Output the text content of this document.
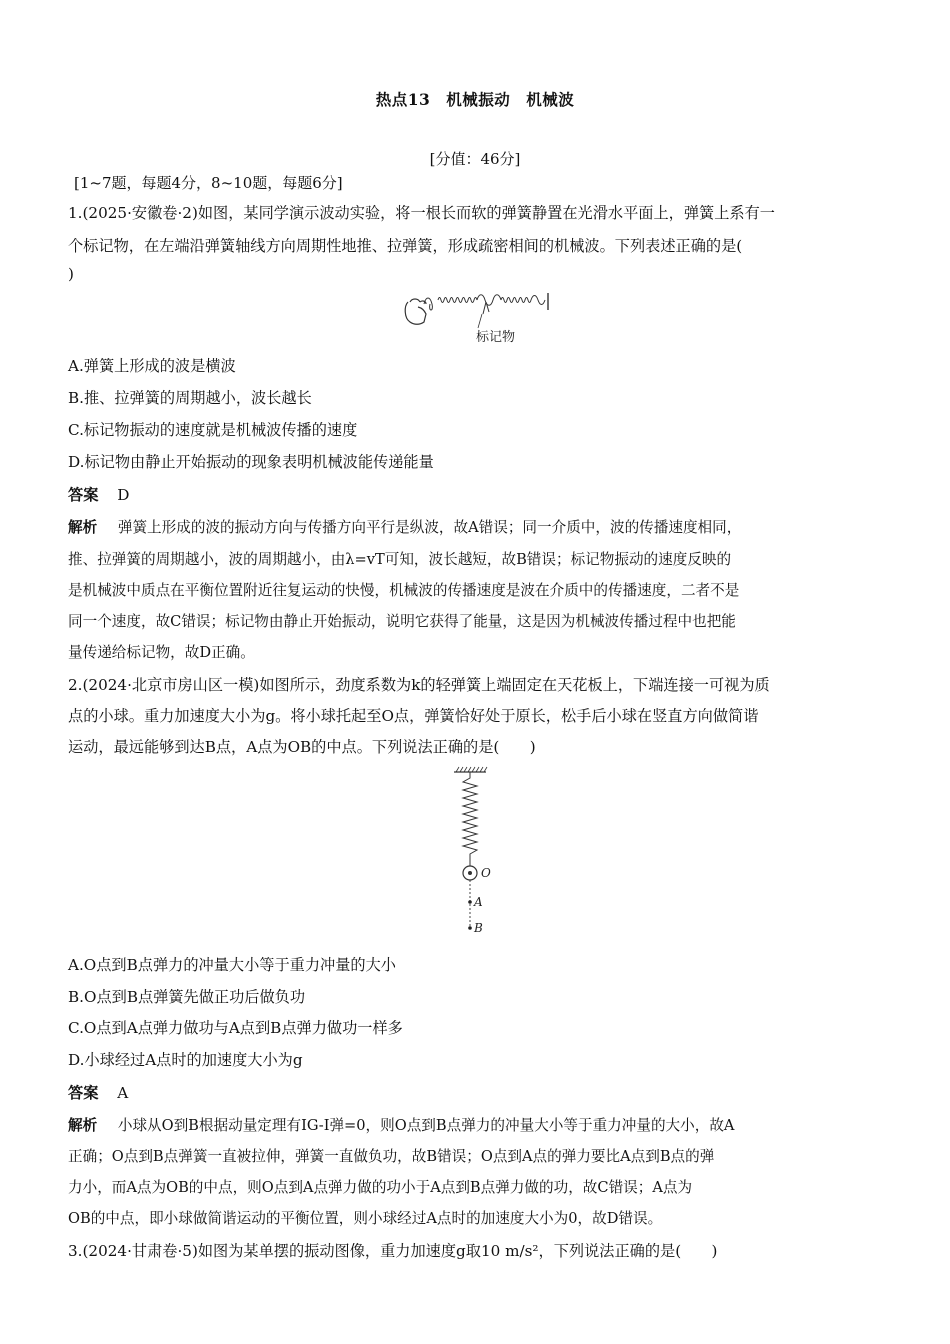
热点13　机械振动　机械波
[分值：46分]
[1~7题，每题4分，8~10题，每题6分]
1.(2025·安徽卷·2)如图，某同学演示波动实验，将一根长而软的弹簧静置在光滑水平面上，弹簧上系有一
个标记物，在左端沿弹簧轴线方向周期性地推、拉弹簧，形成疏密相间的机械波。下列表述正确的是(
)
标记物
A.弹簧上形成的波是横波
B.推、拉弹簧的周期越小，波长越长
C.标记物振动的速度就是机械波传播的速度
D.标记物由静止开始振动的现象表明机械波能传递能量
答案 D
解析 弹簧上形成的波的振动方向与传播方向平行是纵波，故A错误；同一介质中，波的传播速度相同，
推、拉弹簧的周期越小，波的周期越小，由λ=vT可知，波长越短，故B错误；标记物振动的速度反映的
是机械波中质点在平衡位置附近往复运动的快慢，机械波的传播速度是波在介质中的传播速度，二者不是
同一个速度，故C错误；标记物由静止开始振动，说明它获得了能量，这是因为机械波传播过程中也把能
量传递给标记物，故D正确。
2.(2024·北京市房山区一模)如图所示，劲度系数为k的轻弹簧上端固定在天花板上，下端连接一可视为质
点的小球。重力加速度大小为g。将小球托起至O点，弹簧恰好处于原长，松手后小球在竖直方向做简谐
运动，最远能够到达B点，A点为OB的中点。下列说法正确的是(　　)
O
A
B
A.O点到B点弹力的冲量大小等于重力冲量的大小
B.O点到B点弹簧先做正功后做负功
C.O点到A点弹力做功与A点到B点弹力做功一样多
D.小球经过A点时的加速度大小为g
答案 A
解析 小球从O到B根据动量定理有IG-I弹=0，则O点到B点弹力的冲量大小等于重力冲量的大小，故A
正确；O点到B点弹簧一直被拉伸，弹簧一直做负功，故B错误；O点到A点的弹力要比A点到B点的弹
力小，而A点为OB的中点，则O点到A点弹力做的功小于A点到B点弹力做的功，故C错误；A点为
OB的中点，即小球做简谐运动的平衡位置，则小球经过A点时的加速度大小为0，故D错误。
3.(2024·甘肃卷·5)如图为某单摆的振动图像，重力加速度g取10 m/s²，下列说法正确的是(　　)
